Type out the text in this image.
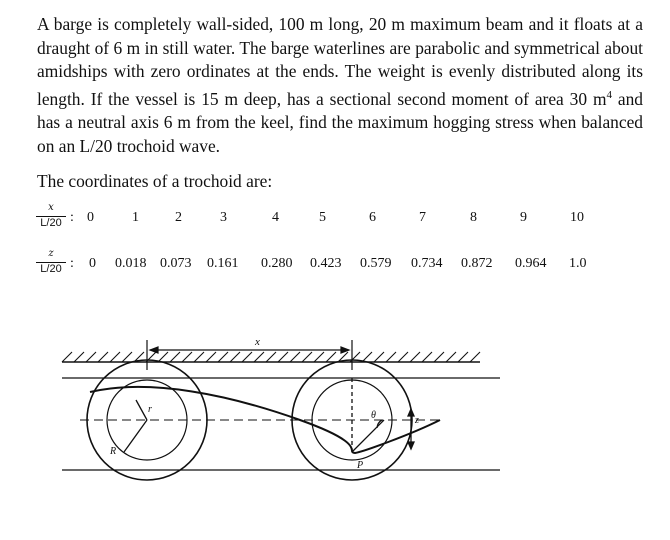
A barge is completely wall-sided, 100 m long, 20 m maximum beam and it floats at a draught of 6 m in still water. The barge waterlines are parabolic and symmetrical about amidships with zero ordinates at the ends. The weight is evenly distributed along its length. If the vessel is 15 m deep, has a sectional second moment of area 30 $m^4$ and has a neutral axis 6 m from the keel, find the maximum hogging stress when balanced on an L/20 trochoid wave.
The coordinates of a trochoid are:
x
L/20 : 0	1	2	3	4	5	6	7	8	9	10
z
L/20 : 0 0.018 0.073 0.161 0.280 0.423 0.579 0.734 0.872 0.964 1.0
x
r
R
θ	z
P
